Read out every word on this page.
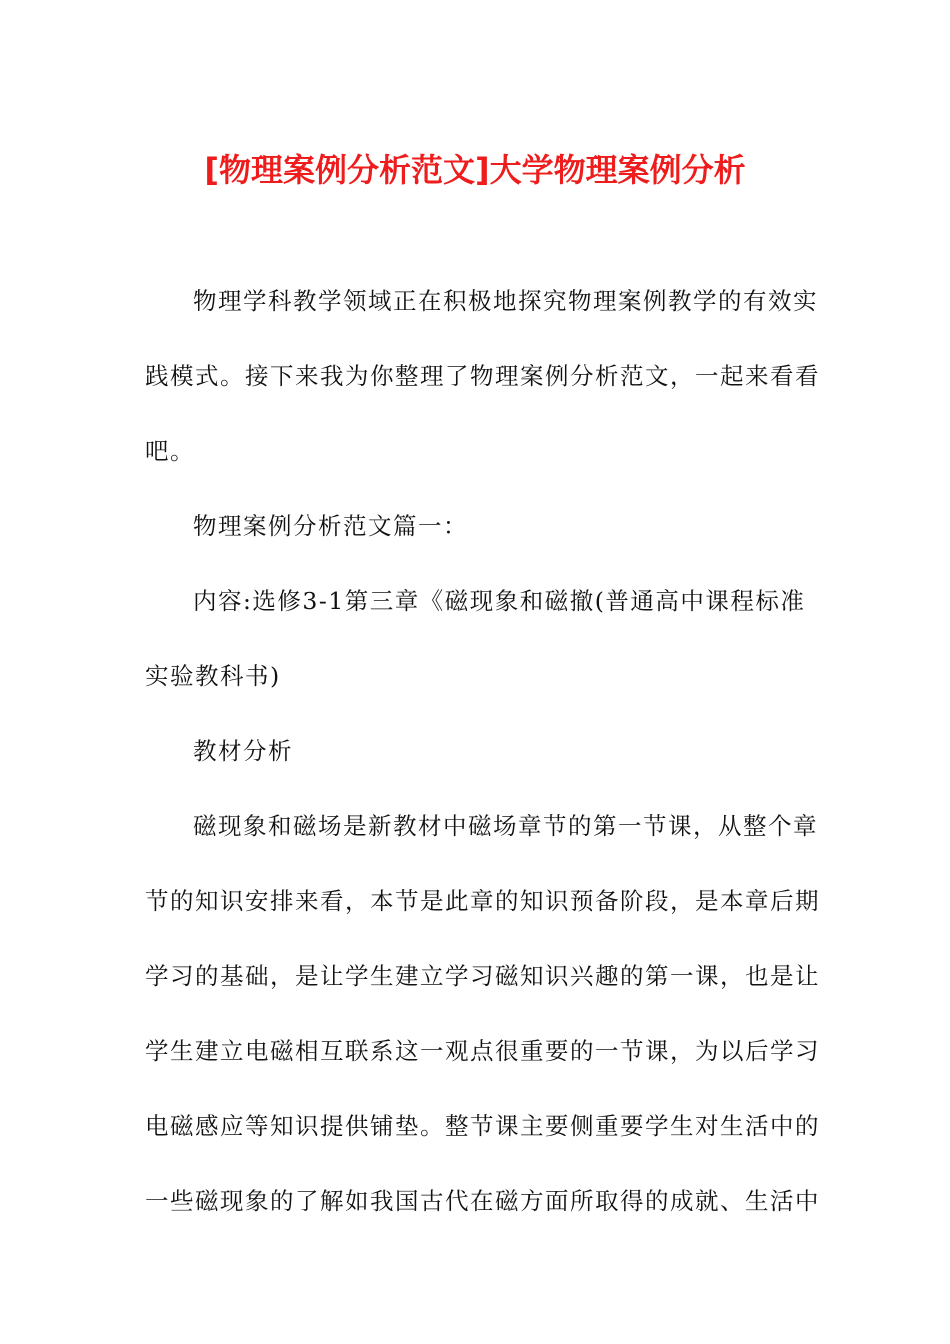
[物理案例分析范文]大学物理案例分析
物理学科教学领域正在积极地探究物理案例教学的有效实
践模式。接下来我为你整理了物理案例分析范文，一起来看看
吧。
物理案例分析范文篇一：
内容:选修3-1第三章《磁现象和磁撤(普通高中课程标准
实验教科书)
教材分析
磁现象和磁场是新教材中磁场章节的第一节课，从整个章
节的知识安排来看，本节是此章的知识预备阶段，是本章后期
学习的基础，是让学生建立学习磁知识兴趣的第一课，也是让
学生建立电磁相互联系这一观点很重要的一节课，为以后学习
电磁感应等知识提供铺垫。整节课主要侧重要学生对生活中的
一些磁现象的了解如我国古代在磁方面所取得的成就、生活中
